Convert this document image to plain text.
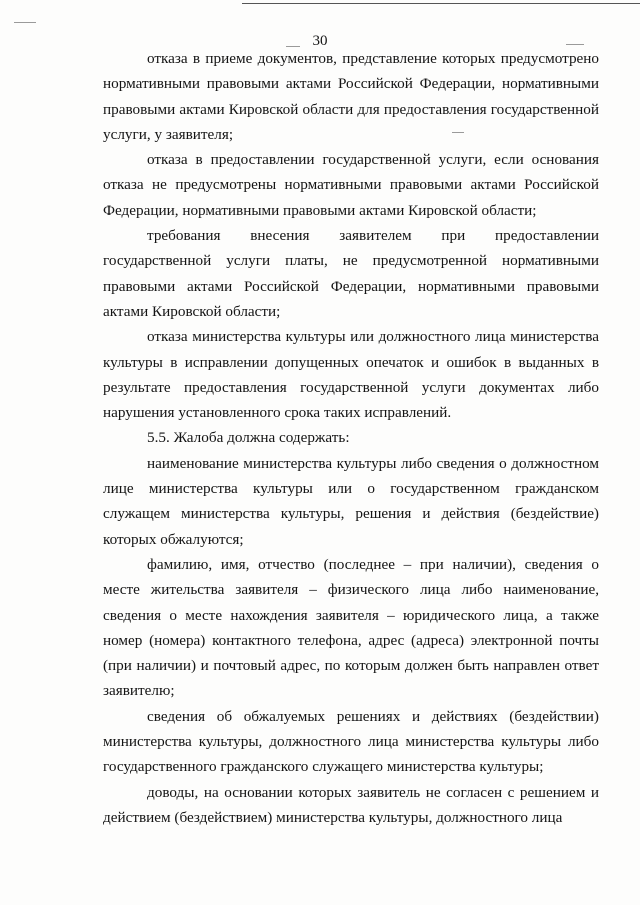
30

отказа в приеме документов, представление которых предусмотрено нормативными правовыми актами Российской Федерации, нормативными правовыми актами Кировской области для предоставления государственной услуги, у заявителя;

отказа в предоставлении государственной услуги, если основания отказа не предусмотрены нормативными правовыми актами Российской Федерации, нормативными правовыми актами Кировской области;

требования внесения заявителем при предоставлении государственной услуги платы, не предусмотренной нормативными правовыми актами Российской Федерации, нормативными правовыми актами Кировской области;

отказа министерства культуры или должностного лица министерства культуры в исправлении допущенных опечаток и ошибок в выданных в результате предоставления государственной услуги документах либо нарушения установленного срока таких исправлений.

5.5. Жалоба должна содержать:

наименование министерства культуры либо сведения о должностном лице министерства культуры или о государственном гражданском служащем министерства культуры, решения и действия (бездействие) которых обжалуются;

фамилию, имя, отчество (последнее – при наличии), сведения о месте жительства заявителя – физического лица либо наименование, сведения о месте нахождения заявителя – юридического лица, а также номер (номера) контактного телефона, адрес (адреса) электронной почты (при наличии) и почтовый адрес, по которым должен быть направлен ответ заявителю;

сведения об обжалуемых решениях и действиях (бездействии) министерства культуры, должностного лица министерства культуры либо государственного гражданского служащего министерства культуры;

доводы, на основании которых заявитель не согласен с решением и действием (бездействием) министерства культуры, должностного лица
